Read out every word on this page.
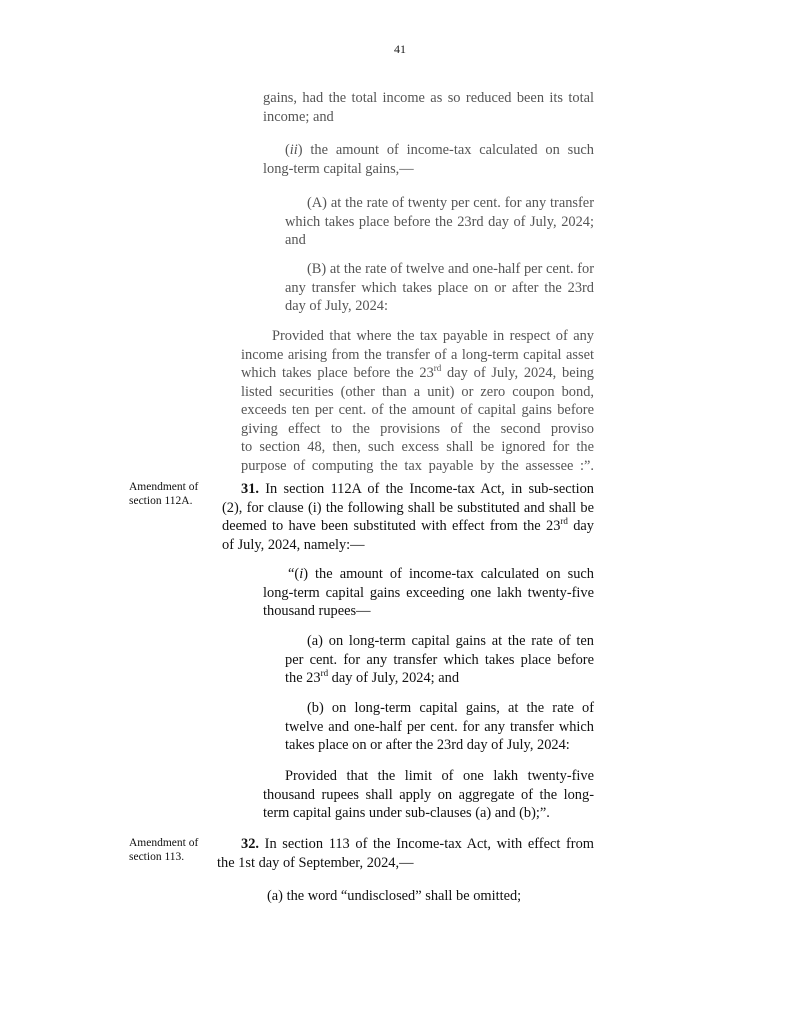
41
gains, had the total income as so reduced been its total
income; and
(ii) the amount of income-tax calculated on such
long-term capital gains,—
(A) at the rate of twenty per cent. for any transfer
which takes place before the 23rd day of July, 2024;
and
(B) at the rate of twelve and one-half per cent. for
any transfer which takes place on or after the 23rd
day of July, 2024:
Provided that where the tax payable in respect of any
income arising from the transfer of a long-term capital asset
which takes place before the 23rd day of July, 2024, being
listed securities (other than a unit) or zero coupon bond,
exceeds ten per cent. of the amount of capital gains before
giving effect to the provisions of the second proviso
to section 48, then, such excess shall be ignored for the
purpose of computing the tax payable by the assessee :”.
Amendment of
section 112A.
31. In section 112A of the Income-tax Act, in sub-section
(2), for clause (i) the following shall be substituted and shall be
deemed to have been substituted with effect from the 23rd day
of July, 2024, namely:—
“(i) the amount of income-tax calculated on such
long-term capital gains exceeding one lakh twenty-five
thousand rupees—
(a) on long-term capital gains at the rate of ten
per cent. for any transfer which takes place before
the 23rd day of July, 2024; and
(b) on long-term capital gains, at the rate of
twelve and one-half per cent. for any transfer which
takes place on or after the 23rd day of July, 2024:
Provided that the limit of one lakh twenty-five
thousand rupees shall apply on aggregate of the long-
term capital gains under sub-clauses (a) and (b);”.
Amendment of
section 113.
32. In section 113 of the Income-tax Act, with effect from
the 1st day of September, 2024,—
(a) the word “undisclosed” shall be omitted;
